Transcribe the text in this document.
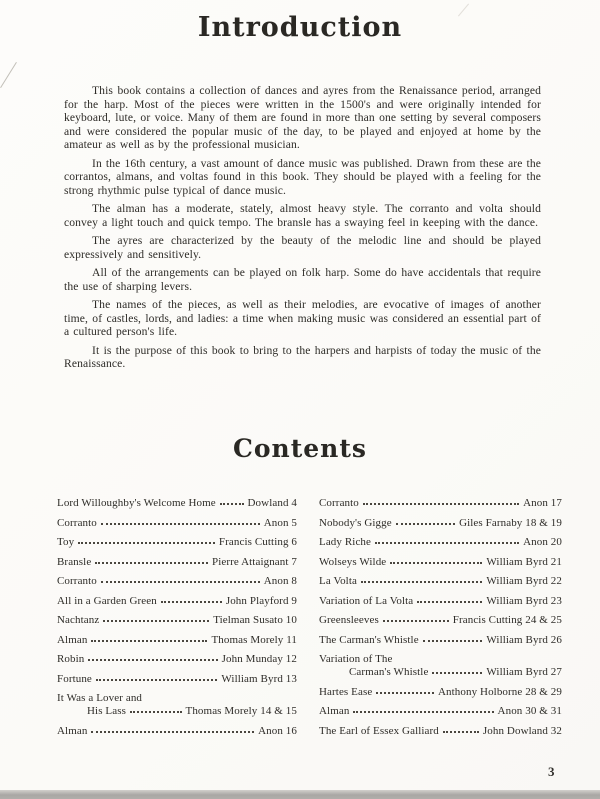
Introduction

This book contains a collection of dances and ayres from the Renaissance period, arranged for the harp. Most of the pieces were written in the 1500's and were originally intended for keyboard, lute, or voice. Many of them are found in more than one setting by several composers and were considered the popular music of the day, to be played and enjoyed at home by the amateur as well as by the professional musician.

In the 16th century, a vast amount of dance music was published. Drawn from these are the corrantos, almans, and voltas found in this book. They should be played with a feeling for the strong rhythmic pulse typical of dance music.

The alman has a moderate, stately, almost heavy style. The corranto and volta should convey a light touch and quick tempo. The bransle has a swaying feel in keeping with the dance.

The ayres are characterized by the beauty of the melodic line and should be played expressively and sensitively.

All of the arrangements can be played on folk harp. Some do have accidentals that require the use of sharping levers.

The names of the pieces, as well as their melodies, are evocative of images of another time, of castles, lords, and ladies: a time when making music was considered an essential part of a cultured person's life.

It is the purpose of this book to bring to the harpers and harpists of today the music of the Renaissance.

Contents
Lord Willoughby's Welcome Home	Dowland 4
Corranto	Anon 5
Toy	Francis Cutting 6
Bransle	Pierre Attaignant 7
Corranto	Anon 8
All in a Garden Green	John Playford 9
Nachtanz	Tielman Susato 10
Alman	Thomas Morely 11
Robin	John Munday 12
Fortune	William Byrd 13
It Was a Lover and
His Lass	Thomas Morely 14 & 15
Alman	Anon 16
Corranto	Anon 17
Nobody's Gigge	Giles Farnaby 18 & 19
Lady Riche	Anon 20
Wolseys Wilde	William Byrd 21
La Volta	William Byrd 22
Variation of La Volta	William Byrd 23
Greensleeves	Francis Cutting 24 & 25
The Carman's Whistle	William Byrd 26
Variation of The
Carman's Whistle	William Byrd 27
Hartes Ease	Anthony Holborne 28 & 29
Alman	Anon 30 & 31
The Earl of Essex Galliard	John Dowland 32
3
